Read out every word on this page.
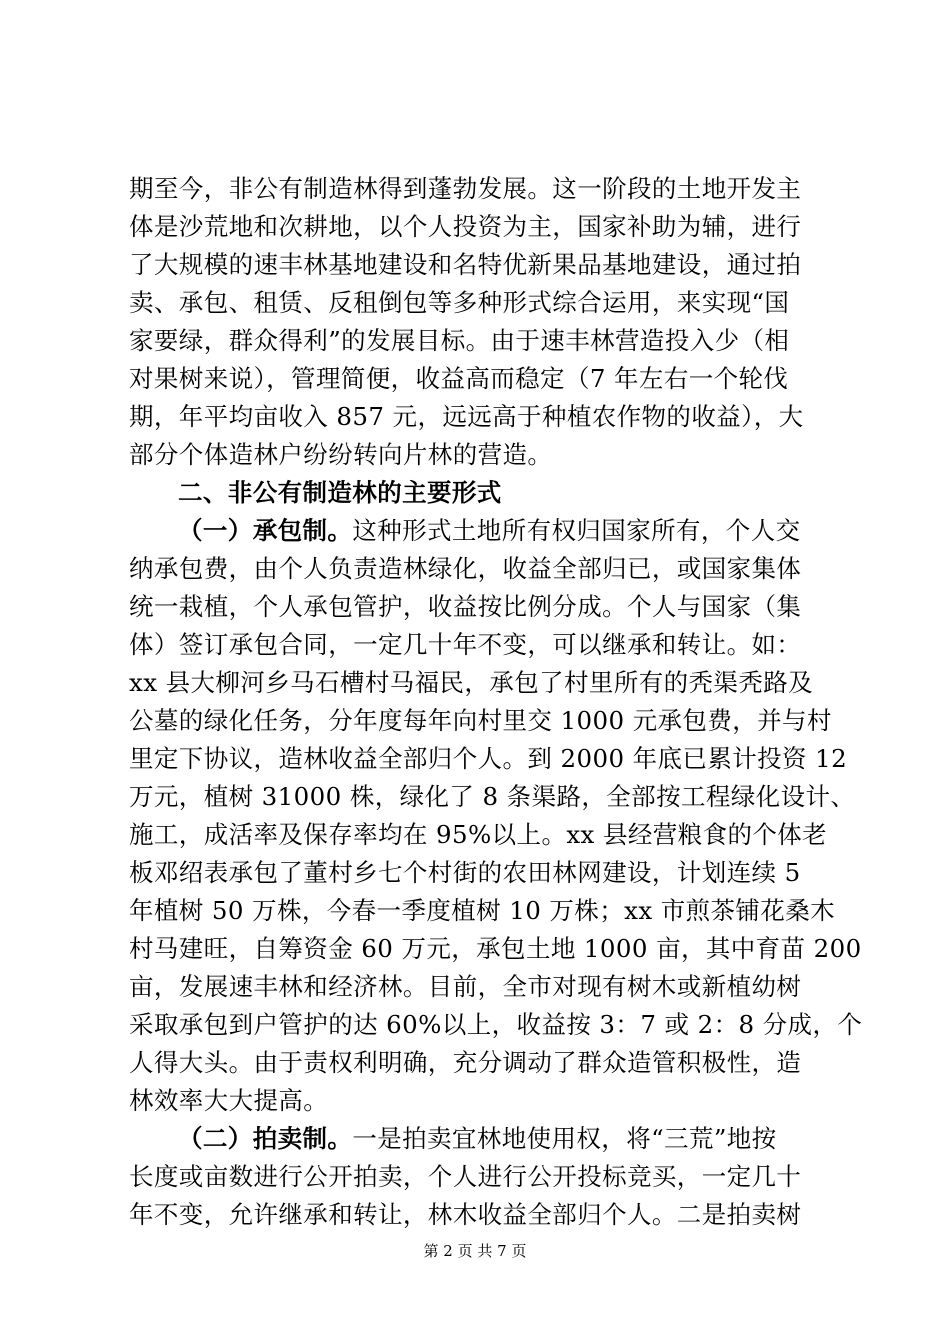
期至今，非公有制造林得到蓬勃发展。这一阶段的土地开发主
体是沙荒地和次耕地，以个人投资为主，国家补助为辅，进行
了大规模的速丰林基地建设和名特优新果品基地建设，通过拍
卖、承包、租赁、反租倒包等多种形式综合运用，来实现“国
家要绿，群众得利”的发展目标。由于速丰林营造投入少（相
对果树来说），管理简便，收益高而稳定（7 年左右一个轮伐
期，年平均亩收入 857 元，远远高于种植农作物的收益），大
部分个体造林户纷纷转向片林的营造。
二、非公有制造林的主要形式
（一）承包制。这种形式土地所有权归国家所有，个人交
纳承包费，由个人负责造林绿化，收益全部归已，或国家集体
统一栽植，个人承包管护，收益按比例分成。个人与国家（集
体）签订承包合同，一定几十年不变，可以继承和转让。如：
xx 县大柳河乡马石槽村马福民，承包了村里所有的秃渠秃路及
公墓的绿化任务，分年度每年向村里交 1000 元承包费，并与村
里定下协议，造林收益全部归个人。到 2000 年底已累计投资 12
万元，植树 31000 株，绿化了 8 条渠路，全部按工程绿化设计、
施工，成活率及保存率均在 95%以上。xx 县经营粮食的个体老
板邓绍表承包了董村乡七个村街的农田林网建设，计划连续 5
年植树 50 万株，今春一季度植树 10 万株；xx 市煎茶铺花桑木
村马建旺，自筹资金 60 万元，承包土地 1000 亩，其中育苗 200
亩，发展速丰林和经济林。目前，全市对现有树木或新植幼树
采取承包到户管护的达 60%以上，收益按 3：7 或 2：8 分成，个
人得大头。由于责权利明确，充分调动了群众造管积极性，造
林效率大大提高。
（二）拍卖制。一是拍卖宜林地使用权，将“三荒”地按
长度或亩数进行公开拍卖，个人进行公开投标竞买，一定几十
年不变，允许继承和转让，林木收益全部归个人。二是拍卖树
第 2 页 共 7 页
